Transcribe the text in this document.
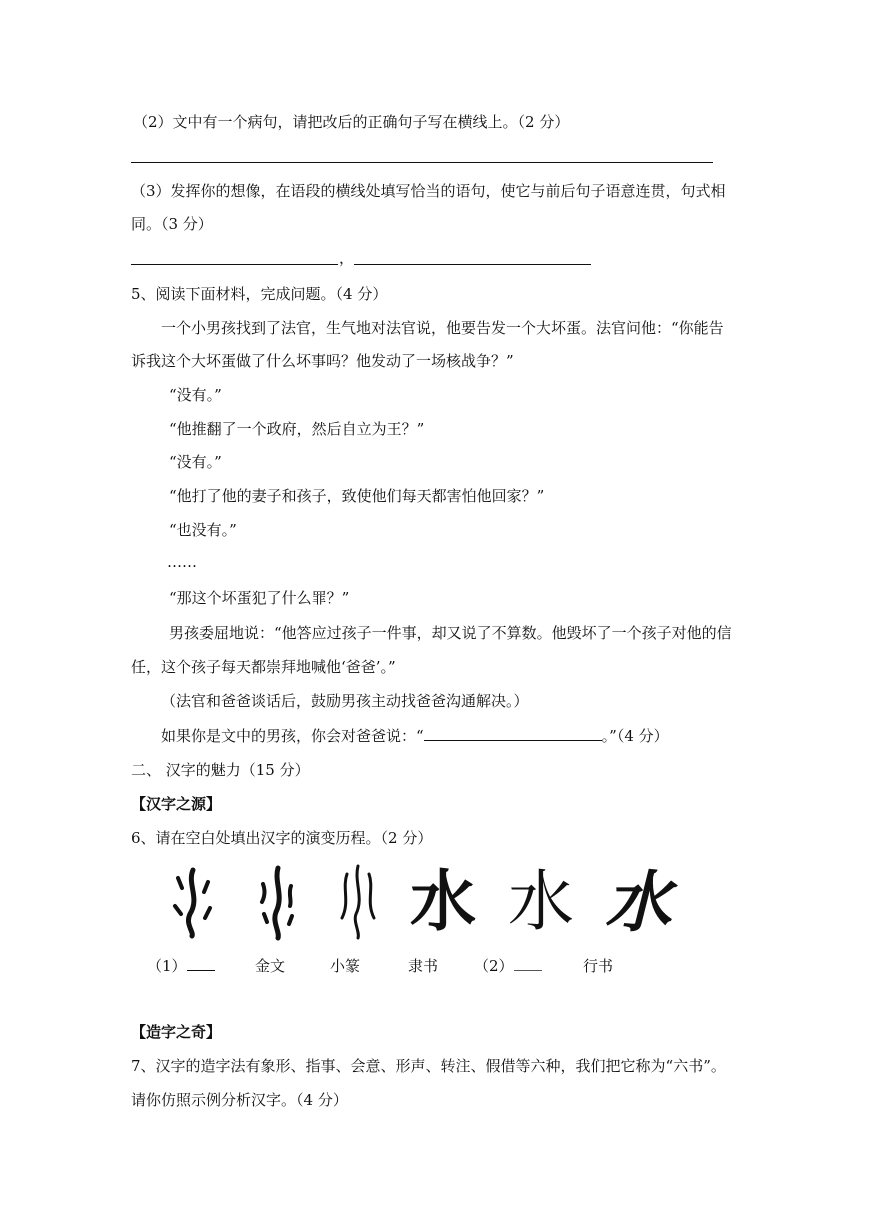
（2）文中有一个病句，请把改后的正确句子写在横线上。（2 分）
（3）发挥你的想像，在语段的横线处填写恰当的语句，使它与前后句子语意连贯，句式相
同。（3 分）
，
5、阅读下面材料，完成问题。（4 分）
一个小男孩找到了法官，生气地对法官说，他要告发一个大坏蛋。法官问他：“你能告
诉我这个大坏蛋做了什么坏事吗？他发动了一场核战争？”
“没有。”
“他推翻了一个政府，然后自立为王？”
“没有。”
“他打了他的妻子和孩子，致使他们每天都害怕他回家？”
“也没有。”
……
“那这个坏蛋犯了什么罪？”
男孩委屈地说：“他答应过孩子一件事，却又说了不算数。他毁坏了一个孩子对他的信
任，这个孩子每天都崇拜地喊他‘爸爸’。”
（法官和爸爸谈话后，鼓励男孩主动找爸爸沟通解决。）
如果你是文中的男孩，你会对爸爸说：“	。”（4 分）
二、 汉字的魅力（15 分）
【汉字之源】
6、请在空白处填出汉字的演变历程。（2 分）
水 水 水
（1）	金文	小篆	隶书 （2）	行书
【造字之奇】
7、汉字的造字法有象形、指事、会意、形声、转注、假借等六种，我们把它称为“六书”。
请你仿照示例分析汉字。（4 分）
